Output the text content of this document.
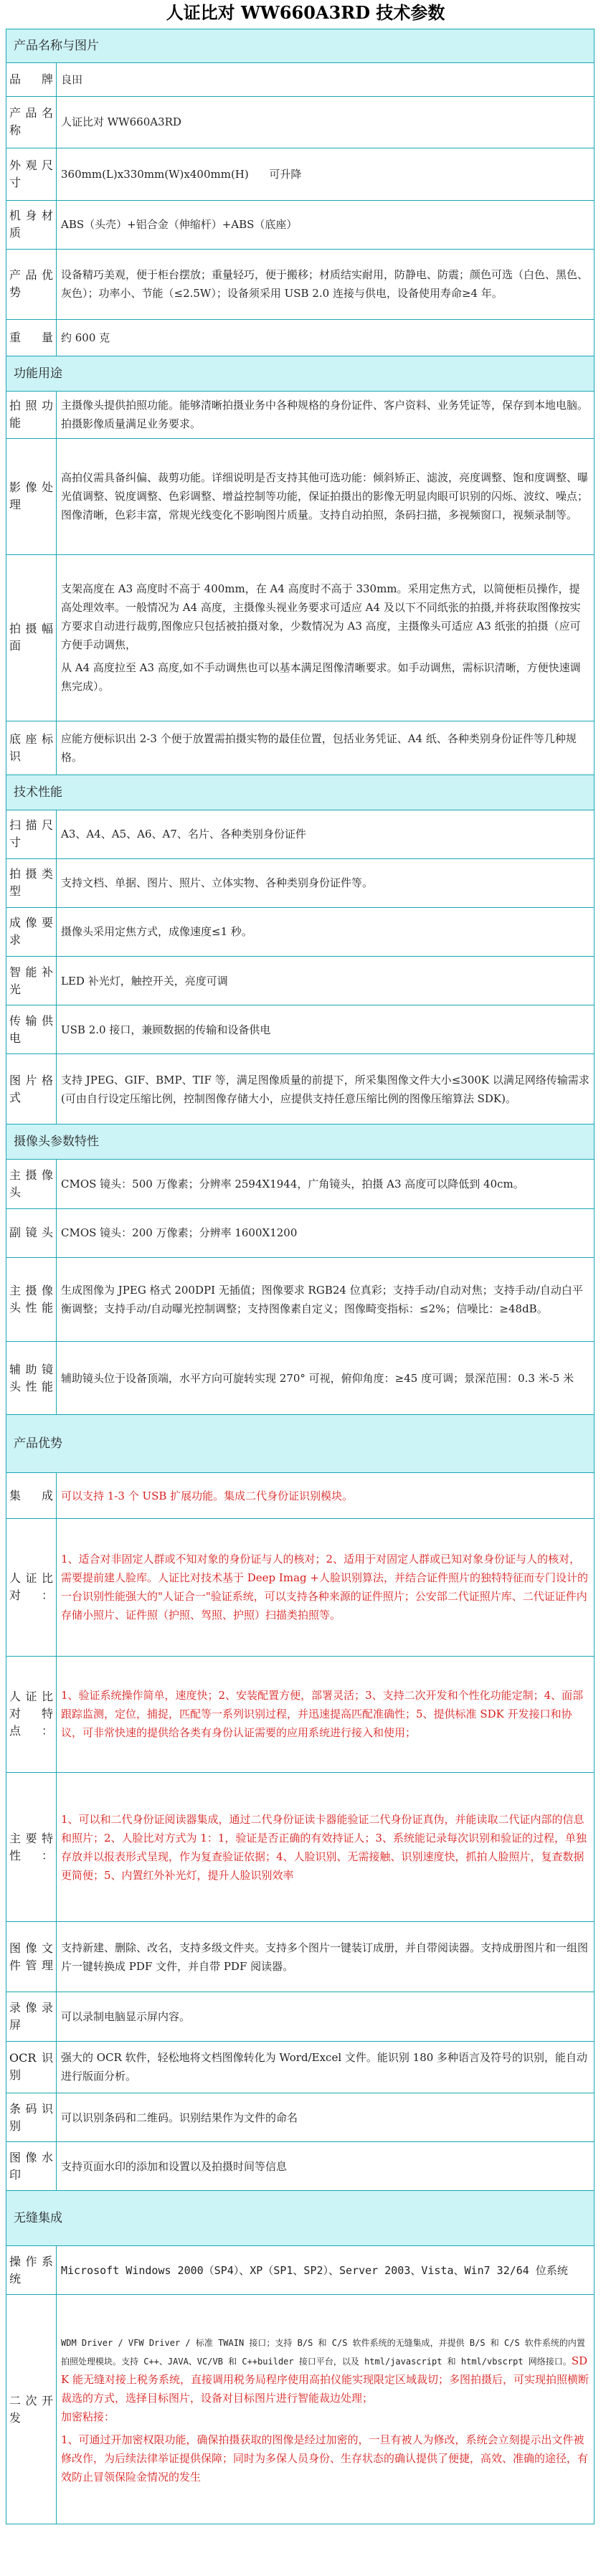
人证比对 WW660A3RD 技术参数
产品名称与图片	
品牌	良田
产品名称	人证比对 WW660A3RD
外观尺寸	360mm(L)x330mm(W)x400mm(H)      可升降
机身材质	ABS（头壳）+铝合金（伸缩杆）+ABS（底座）
产品优势	设备精巧美观，便于柜台摆放；重量轻巧，便于搬移；材质结实耐用，防静电、防震；颜色可选（白色、黑色、灰色）；功率小、节能（≤2.5W）；设备须采用 USB 2.0 连接与供电，设备使用寿命≥4 年。
重量	约 600 克
功能用途	
拍照功能	主摄像头提供拍照功能。能够清晰拍摄业务中各种规格的身份证件、客户资料、业务凭证等，保存到本地电脑。拍摄影像质量满足业务要求。
影像处理	高拍仪需具备纠偏、裁剪功能。详细说明是否支持其他可选功能：倾斜矫正、滤波，亮度调整、饱和度调整、曝光值调整、锐度调整、色彩调整、增益控制等功能，保证拍摄出的影像无明显肉眼可识别的闪烁、波纹、噪点；图像清晰，色彩丰富，常规光线变化不影响图片质量。支持自动拍照，条码扫描，多视频窗口，视频录制等。
拍摄幅面	支架高度在 A3 高度时不高于 400mm，在 A4 高度时不高于 330mm。采用定焦方式，以简便柜员操作，提高处理效率。一般情况为 A4 高度，主摄像头视业务要求可适应 A4 及以下不同纸张的拍摄,并将获取图像按实方要求自动进行裁剪,图像应只包括被拍摄对象，少数情况为 A3 高度，主摄像头可适应 A3 纸张的拍摄（应可方便手动调焦，
从 A4 高度拉至 A3 高度,如不手动调焦也可以基本满足图像清晰要求。如手动调焦，需标识清晰，方便快速调焦完成）。

底座标识	应能方便标识出 2-3 个便于放置需拍摄实物的最佳位置，包括业务凭证、A4 纸、各种类别身份证件等几种规格。
技术性能	
扫描尺寸	A3、A4、A5、A6、A7、名片、各种类别身份证件
拍摄类型	支持文档、单据、图片、照片、立体实物、各种类别身份证件等。
成像要求	摄像头采用定焦方式，成像速度≤1 秒。
智能补光	LED 补光灯，触控开关，亮度可调
传输供电	USB 2.0 接口，兼顾数据的传输和设备供电
图片格式	支持 JPEG、GIF、BMP、TIF 等，满足图像质量的前提下，所采集图像文件大小≤300K 以满足网络传输需求(可由自行设定压缩比例，控制图像存储大小，应提供支持任意压缩比例的图像压缩算法 SDK)。
摄像头参数特性	
主摄像头	CMOS 镜头：500 万像素；分辨率 2594X1944，广角镜头，拍摄 A3 高度可以降低到 40cm。
副镜头	CMOS 镜头：200 万像素；分辨率 1600X1200
主摄像头性能	生成图像为 JPEG 格式 200DPI 无插值；图像要求 RGB24 位真彩；支持手动/自动对焦；支持手动/自动白平衡调整；支持手动/自动曝光控制调整；支持图像素自定义；图像畸变指标：≤2%；信噪比：≥48dB。
辅助镜头性能	辅助镜头位于设备顶端，水平方向可旋转实现 270° 可视，俯仰角度：≥45 度可调；景深范围：0.3 米-5 米
产品优势	
集成	可以支持 1-3 个 USB 扩展功能。集成二代身份证识别模块。
人证比对：	1、适合对非固定人群或不知对象的身份证与人的核对；2、适用于对固定人群或已知对象身份证与人的核对，需要提前建人脸库。人证比对技术基于 Deep Imag +人脸识别算法，并结合证件照片的独特特征而专门设计的一台识别性能强大的"人证合一"验证系统，可以支持各种来源的证件照片；公安部二代证照片库、二代证证件内存储小照片、证件照（护照、驾照、护照）扫描类拍照等。
人证比对特点：	1、验证系统操作简单，速度快；2、安装配置方便，部署灵活；3、支持二次开发和个性化功能定制；4、面部跟踪监测，定位，捕捉，匹配等一系列识别过程，并迅速提高匹配准确性；5、提供标准 SDK 开发接口和协议，可非常快速的提供给各类有身份认证需要的应用系统进行接入和使用；
主要特性：	1、可以和二代身份证阅读器集成，通过二代身份证读卡器能验证二代身份证真伪，并能读取二代证内部的信息和照片；2、人脸比对方式为 1：1，验证是否正确的有效持证人；3、系统能记录每次识别和验证的过程，单独存放并以报表形式呈现，作为复查验证依据；4、人脸识别、无需接触、识别速度快，抓拍人脸照片，复查数据更简便；5、内置红外补光灯，提升人脸识别效率
图像文件管理	支持新建、删除、改名，支持多级文件夹。支持多个图片一键装订成册，并自带阅读器。支持成册图片和一组图片一键转换成 PDF 文件，并自带 PDF 阅读器。
录像录屏	可以录制电脑显示屏内容。
OCR识别	强大的 OCR 软件，轻松地将文档图像转化为 Word/Excel 文件。能识别 180 多种语言及符号的识别，能自动进行版面分析。
条码识别	可以识别条码和二维码。识别结果作为文件的命名
图像水印	支持页面水印的添加和设置以及拍摄时间等信息
无缝集成	
操作系统	Microsoft Windows 2000（SP4）、XP（SP1、SP2）、Server 2003、Vista、Win7 32/64 位系统
二次开发	WDM Driver / VFW Driver / 标准 TWAIN 接口；支持 B/S 和 C/S 软件系统的无缝集成，并提供 B/S 和 C/S 软件系统的内置拍照处理模块。支持 C++、JAVA、VC/VB 和 C++builder 接口平台，以及 html/javascript 和 html/vbscrpt 网络接口。SDK 能无缝对接上税务系统，直接调用税务局程序使用高拍仪能实现限定区域裁切；多图拍摄后，可实现拍照横断裁选的方式，选择目标图片，设备对目标图片进行智能裁边处理；
加密粘接：
1、可通过开加密权限功能，确保拍摄获取的图像是经过加密的，一旦有被人为修改，系统会立刻提示出文件被修改作，为后续法律举证提供保障；同时为多保人员身份、生存状态的确认提供了便捷，高效、准确的途径，有效防止冒领保险金情况的发生
